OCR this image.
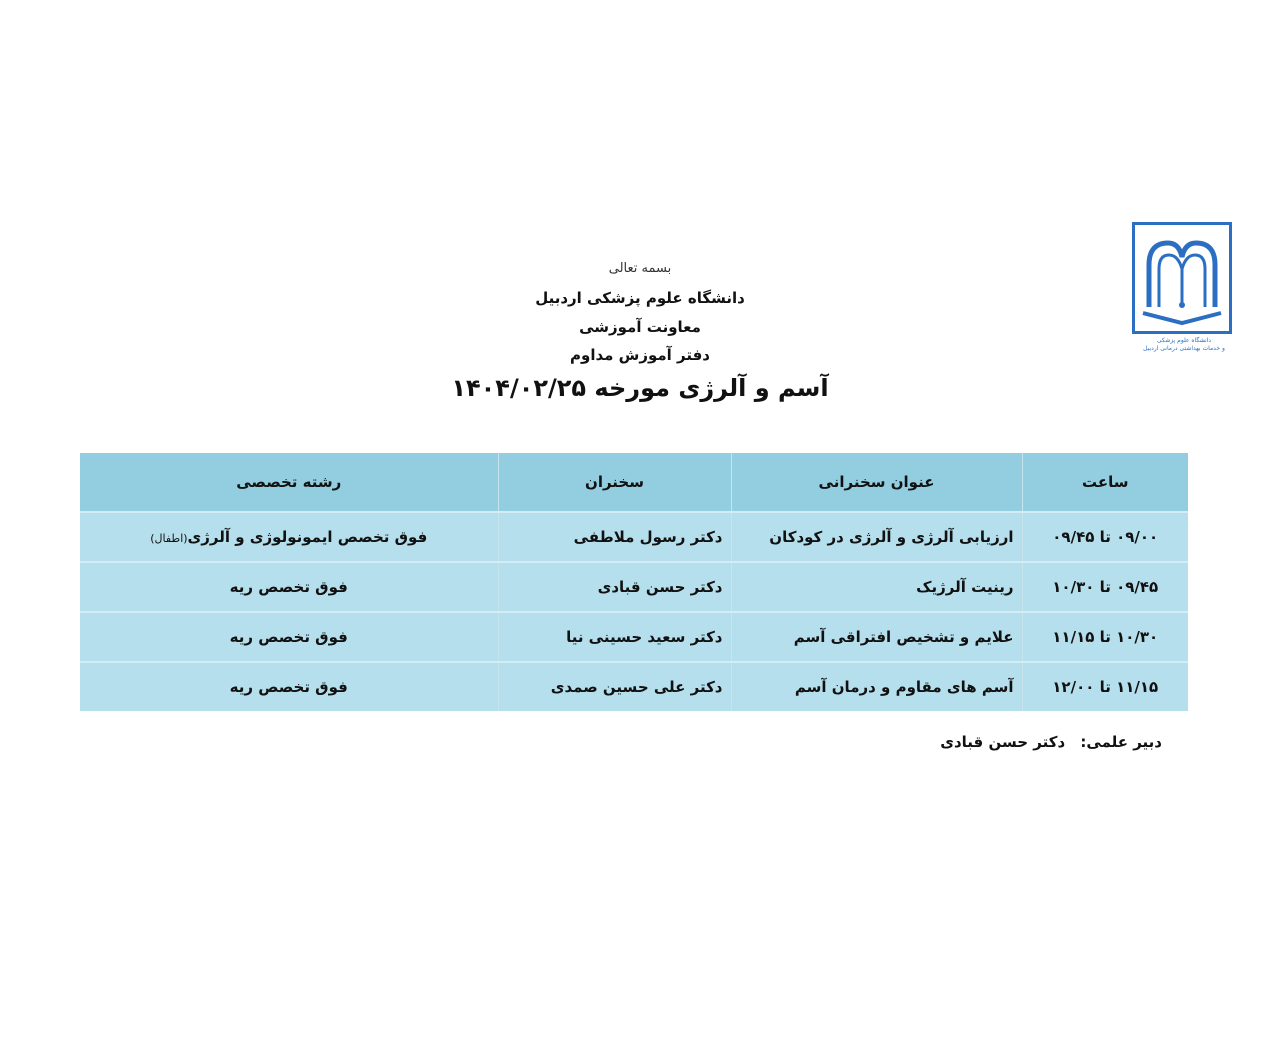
دانشگاه علوم پزشکی
و خدمات بهداشتی درمانی اردبیل
بسمه تعالی
دانشگاه علوم پزشکی اردبیل
معاونت آموزشی
دفتر آموزش مداوم
آسم و آلرژی مورخه ۱۴۰۴/۰۲/۲۵
ساعت	عنوان سخنرانی	سخنران	رشته تخصصی
۰۹/۰۰ تا ۰۹/۴۵	ارزیابی آلرژی و آلرژی در کودکان	دکتر رسول ملاطفی	فوق تخصص ایمونولوژی و آلرژی(اطفال)
۰۹/۴۵ تا ۱۰/۳۰	رینیت آلرژیک	دکتر حسن قبادی	فوق تخصص ریه
۱۰/۳۰ تا ۱۱/۱۵	علایم و تشخیص افتراقی آسم	دکتر سعید حسینی نیا	فوق تخصص ریه
۱۱/۱۵ تا ۱۲/۰۰	آسم های مقاوم و درمان آسم	دکتر علی حسین صمدی	فوق تخصص ریه
دبیر علمی: دکتر حسن قبادی
